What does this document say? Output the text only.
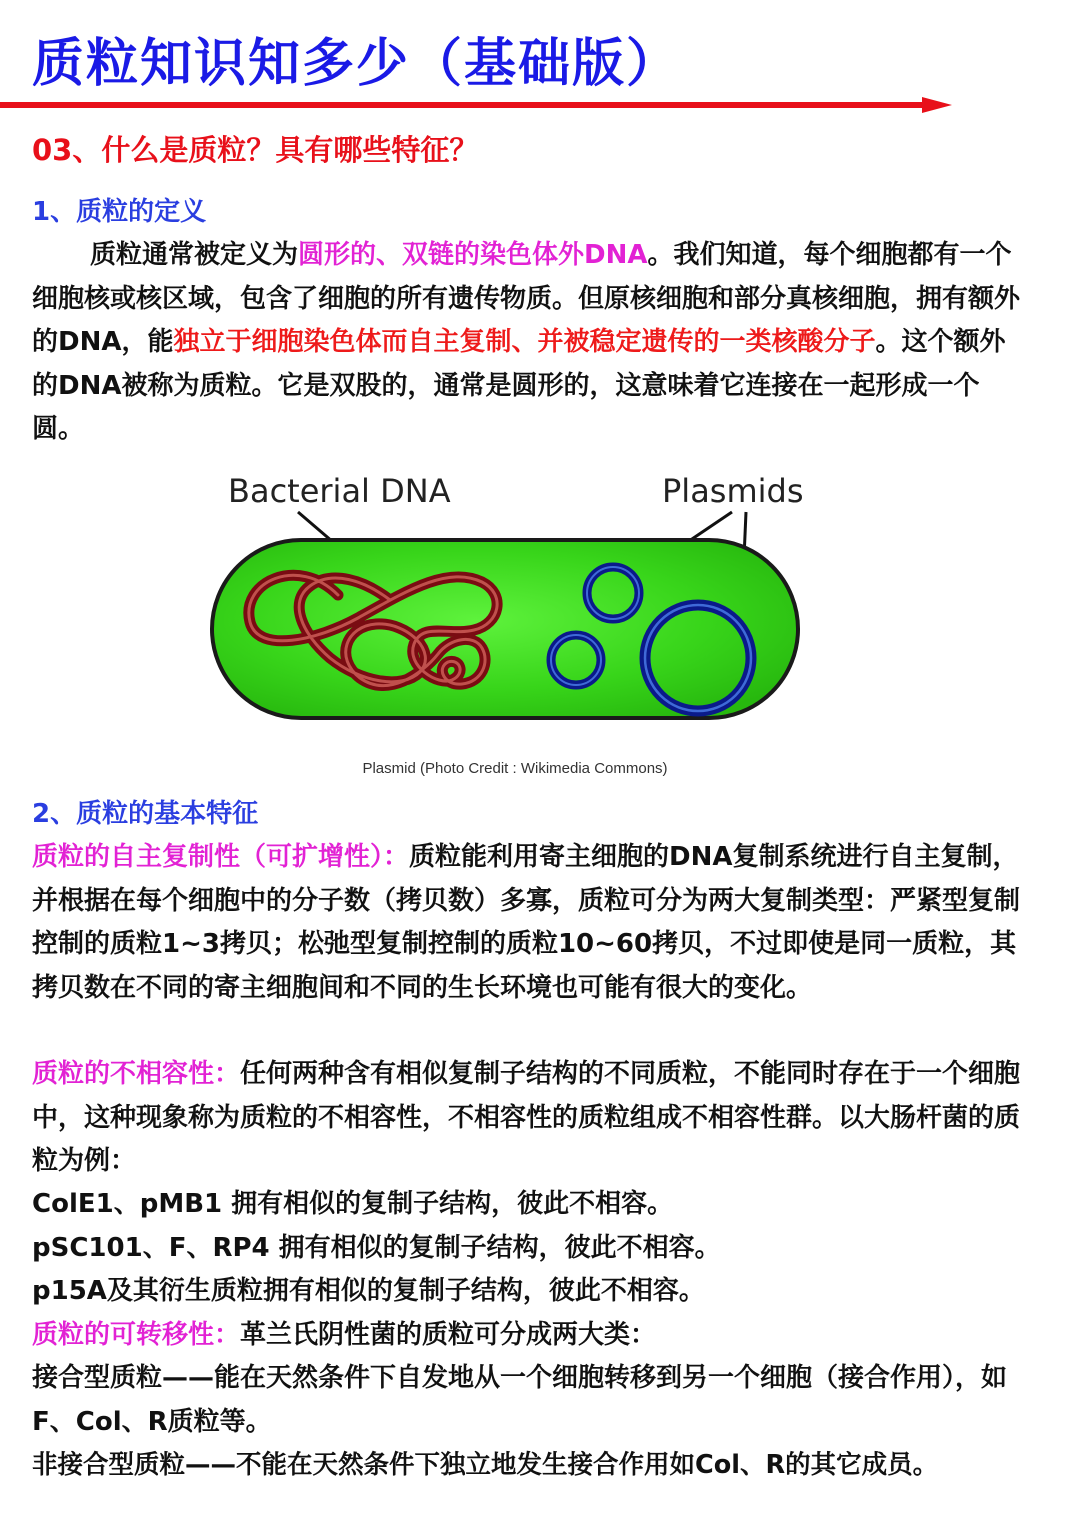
质粒知识知多少（基础版）
03、什么是质粒？具有哪些特征？
1、质粒的定义

质粒通常被定义为圆形的、双链的染色体外DNA。我们知道，每个细胞都有一个细胞核或核区域，包含了细胞的所有遗传物质。但原核细胞和部分真核细胞，拥有额外的DNA，能独立于细胞染色体而自主复制、并被稳定遗传的一类核酸分子。这个额外的DNA被称为质粒。它是双股的，通常是圆形的，这意味着它连接在一起形成一个圆。

Bacterial DNA	Plasmids
Plasmid (Photo Credit : Wikimedia Commons)
2、质粒的基本特征

质粒的自主复制性（可扩增性）：质粒能利用寄主细胞的DNA复制系统进行自主复制，并根据在每个细胞中的分子数（拷贝数）多寡，质粒可分为两大复制类型：严紧型复制控制的质粒1~3拷贝；松弛型复制控制的质粒10~60拷贝，不过即使是同一质粒，其拷贝数在不同的寄主细胞间和不同的生长环境也可能有很大的变化。

质粒的不相容性：任何两种含有相似复制子结构的不同质粒，不能同时存在于一个细胞中，这种现象称为质粒的不相容性，不相容性的质粒组成不相容性群。以大肠杆菌的质粒为例：

ColE1、pMB1 拥有相似的复制子结构，彼此不相容。

pSC101、F、RP4 拥有相似的复制子结构，彼此不相容。

p15A及其衍生质粒拥有相似的复制子结构，彼此不相容。

质粒的可转移性：革兰氏阴性菌的质粒可分成两大类：

接合型质粒——能在天然条件下自发地从一个细胞转移到另一个细胞（接合作用），如F、Col、R质粒等。

非接合型质粒——不能在天然条件下独立地发生接合作用如Col、R的其它成员。
